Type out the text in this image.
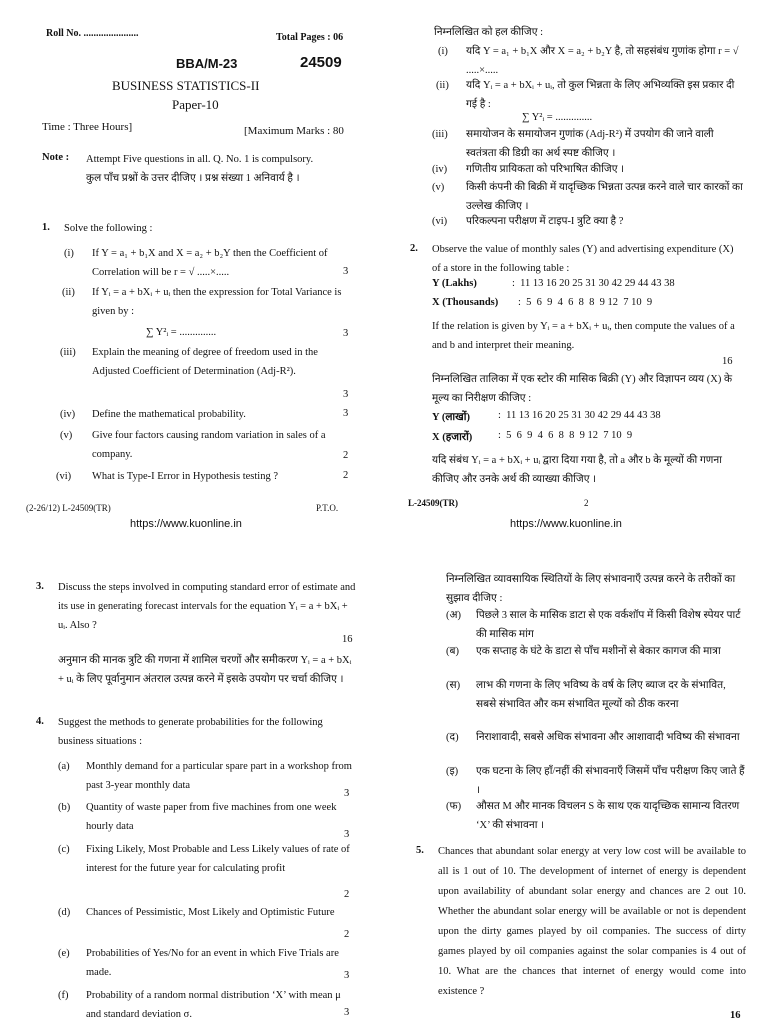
Roll No. ......................	Total Pages : 06
BBA/M-23	24509
BUSINESS STATISTICS-II
Paper-10
Time : Three Hours]	[Maximum Marks : 80
Note : Attempt Five questions in all. Q. No. 1 is compulsory.
कुल पाँच प्रश्नों के उत्तर दीजिए । प्रश्न संख्या 1 अनिवार्य है ।
1. Solve the following :
(i) If Y = a₁ + b₁X and X = a₂ + b₂Y then the Coefficient of Correlation will be r = √ .....×.....	3
(ii) If Yᵢ = a + bXᵢ + uᵢ then the expression for Total Variance is given by :
∑ Y²ᵢ = ..............	3
(iii) Explain the meaning of degree of freedom used in the Adjusted Coefficient of Determination (Adj-R²).
3
(iv) Define the mathematical probability.	3
(v) Give four factors causing random variation in sales of a company.	2
(vi) What is Type-I Error in Hypothesis testing ?	2
(2-26/12) L-24509(TR)	P.T.O.
https://www.kuonline.in
निम्नलिखित को हल कीजिए :
(i) यदि Y = a₁ + b₁X और X = a₂ + b₂Y है, तो सहसंबंध गुणांक होगा r = √ .....×.....
(ii) यदि Yᵢ = a + bXᵢ + uᵢ, तो कुल भिन्नता के लिए अभिव्यक्ति इस प्रकार दी गई है :
∑ Y²ᵢ = ..............
(iii) समायोजन के समायोजन गुणांक (Adj-R²) में उपयोग की जाने वाली स्वतंत्रता की डिग्री का अर्थ स्पष्ट कीजिए ।
(iv) गणितीय प्रायिकता को परिभाषित कीजिए ।
(v) किसी कंपनी की बिक्री में यादृच्छिक भिन्नता उत्पन्न करने वाले चार कारकों का उल्लेख कीजिए ।
(vi) परिकल्पना परीक्षण में टाइप-I त्रुटि क्या है ?
2. Observe the value of monthly sales (Y) and advertising expenditure (X) of a store in the following table :
Y (Lakhs)	:  11 13 16 20 25 31 30 42 29 44 43 38
X (Thousands) :  5  6  9  4  6  8  8  9 12  7 10  9
If the relation is given by Yᵢ = a + bXᵢ + uᵢ, then compute the values of a and b and interpret their meaning.
16
निम्नलिखित तालिका में एक स्टोर की मासिक बिक्री (Y) और विज्ञापन व्यय (X) के मूल्य का निरीक्षण कीजिए :
Y (लाखों)	:  11 13 16 20 25 31 30 42 29 44 43 38
X (हजारों) :  5  6  9  4  6  8  8  9 12  7 10  9
यदि संबंध Yᵢ = a + bXᵢ + uᵢ द्वारा दिया गया है, तो a और b के मूल्यों की गणना कीजिए और उनके अर्थ की व्याख्या कीजिए ।
L-24509(TR)	2
https://www.kuonline.in
3. Discuss the steps involved in computing standard error of estimate and its use in generating forecast intervals for the equation Yᵢ = a + bXᵢ + uᵢ. Also ?
16
अनुमान की मानक त्रुटि की गणना में शामिल चरणों और समीकरण Yᵢ = a + bXᵢ + uᵢ के लिए पूर्वानुमान अंतराल उत्पन्न करने में इसके उपयोग पर चर्चा कीजिए ।
4. Suggest the methods to generate probabilities for the following business situations :
(a) Monthly demand for a particular spare part in a workshop from past 3-year monthly data
3
(b) Quantity of waste paper from five machines from one week hourly data
3
(c) Fixing Likely, Most Probable and Less Likely values of rate of interest for the future year for calculating profit
2
(d) Chances of Pessimistic, Most Likely and Optimistic Future
2
(e) Probabilities of Yes/No for an event in which Five Trials are made.	3
(f) Probability of a random normal distribution ‘X’ with mean μ and standard deviation σ.	3
निम्नलिखित व्यावसायिक स्थितियों के लिए संभावनाएँ उत्पन्न करने के तरीकों का सुझाव दीजिए :
(अ) पिछले 3 साल के मासिक डाटा से एक वर्कशॉप में किसी विशेष स्पेयर पार्ट की मासिक मांग
(ब) एक सप्ताह के घंटे के डाटा से पाँच मशीनों से बेकार कागज की मात्रा
(स) लाभ की गणना के लिए भविष्य के वर्ष के लिए ब्याज दर के संभावित, सबसे संभावित और कम संभावित मूल्यों को ठीक करना
(द) निराशावादी, सबसे अधिक संभावना और आशावादी भविष्य की संभावना
(इ) एक घटना के लिए हाँ/नहीं की संभावनाएँ जिसमें पाँच परीक्षण किए जाते हैं ।
(फ) औसत M और मानक विचलन S के साथ एक यादृच्छिक सामान्य वितरण ‘X’ की संभावना ।
5. Chances that abundant solar energy at very low cost will be available to all is 1 out of 10. The development of internet of energy is dependent upon availability of abundant solar energy and chances are 2 out 10. Whether the abundant solar energy will be available or not is dependent upon the dirty games played by oil companies. The success of dirty games played by oil companies against the solar companies is 4 out of 10. What are the chances that internet of energy would come into existence ?
16
